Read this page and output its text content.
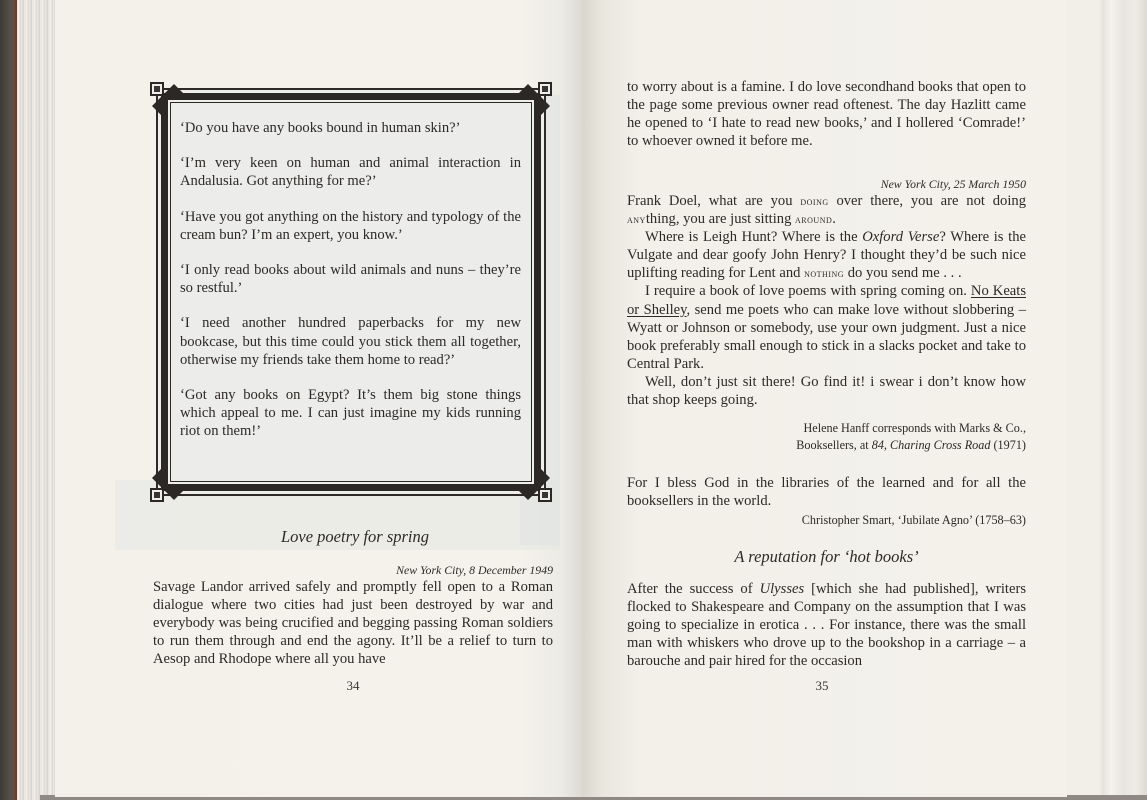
‘Do you have any books bound in human skin?’

‘I’m very keen on human and animal interaction in Andalusia. Got anything for me?’

‘Have you got anything on the history and typology of the cream bun? I’m an expert, you know.’

‘I only read books about wild animals and nuns – they’re so restful.’

‘I need another hundred paperbacks for my new bookcase, but this time could you stick them all together, otherwise my friends take them home to read?’

‘Got any books on Egypt? It’s them big stone things which appeal to me. I can just imagine my kids running riot on them!’

Love poetry for spring
New York City, 8 December 1949

Savage Landor arrived safely and promptly fell open to a Roman dialogue where two cities had just been destroyed by war and everybody was being crucified and begging passing Roman soldiers to run them through and end the agony. It’ll be a relief to turn to Aesop and Rhodope where all you have

34

to worry about is a famine. I do love secondhand books that open to the page some previous owner read oftenest. The day Hazlitt came he opened to ‘I hate to read new books,’ and I hollered ‘Comrade!’ to whoever owned it before me.

New York City, 25 March 1950

Frank Doel, what are you doing over there, you are not doing anything, you are just sitting around.

Where is Leigh Hunt? Where is the Oxford Verse? Where is the Vulgate and dear goofy John Henry? I thought they’d be such nice uplifting reading for Lent and nothing do you send me . . .

I require a book of love poems with spring coming on. No Keats or Shelley, send me poets who can make love without slobbering – Wyatt or Johnson or somebody, use your own judgment. Just a nice book preferably small enough to stick in a slacks pocket and take to Central Park.

Well, don’t just sit there! Go find it! i swear i don’t know how that shop keeps going.

Helene Hanff corresponds with Marks & Co.,
Booksellers, at 84, Charing Cross Road (1971)

For I bless God in the libraries of the learned and for all the booksellers in the world.

Christopher Smart, ‘Jubilate Agno’ (1758–63)
A reputation for ‘hot books’

After the success of Ulysses [which she had published], writers flocked to Shakespeare and Company on the assumption that I was going to specialize in erotica . . . For instance, there was the small man with whiskers who drove up to the bookshop in a carriage – a barouche and pair hired for the occasion

35
